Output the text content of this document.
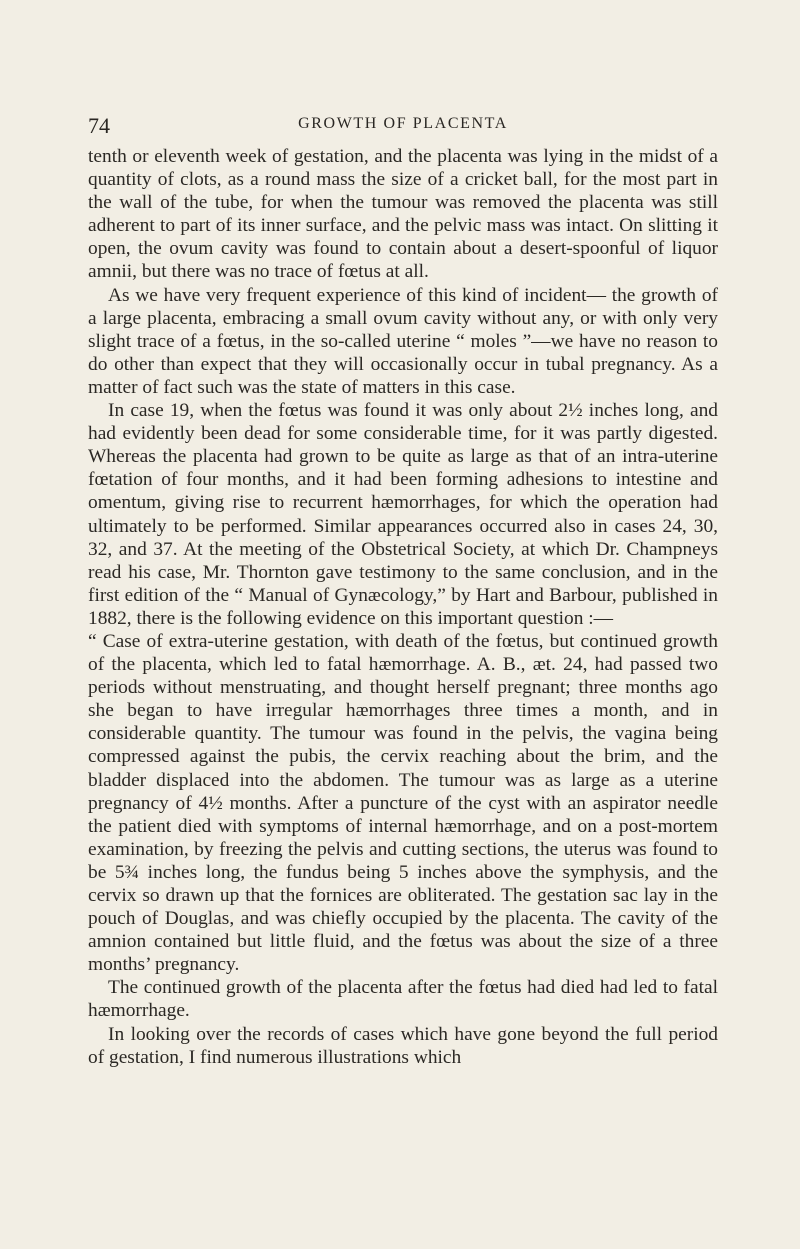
74	GROWTH OF PLACENTA

tenth or eleventh week of gestation, and the placenta was lying in the midst of a quantity of clots, as a round mass the size of a cricket ball, for the most part in the wall of the tube, for when the tumour was removed the placenta was still adherent to part of its inner surface, and the pelvic mass was intact. On slitting it open, the ovum cavity was found to contain about a desert-spoonful of liquor amnii, but there was no trace of fœtus at all.

As we have very frequent experience of this kind of incident— the growth of a large placenta, embracing a small ovum cavity without any, or with only very slight trace of a fœtus, in the so-called uterine “ moles ”—we have no reason to do other than expect that they will occasionally occur in tubal pregnancy. As a matter of fact such was the state of matters in this case.

In case 19, when the fœtus was found it was only about 2½ inches long, and had evidently been dead for some considerable time, for it was partly digested. Whereas the placenta had grown to be quite as large as that of an intra-uterine fœtation of four months, and it had been forming adhesions to intestine and omentum, giving rise to recurrent hæmorrhages, for which the operation had ultimately to be performed. Similar appearances occurred also in cases 24, 30, 32, and 37. At the meeting of the Obstetrical Society, at which Dr. Champneys read his case, Mr. Thornton gave testimony to the same conclusion, and in the first edition of the “ Manual of Gynæcology,” by Hart and Barbour, published in 1882, there is the following evidence on this important question :—

“ Case of extra-uterine gestation, with death of the fœtus, but continued growth of the placenta, which led to fatal hæmorrhage. A. B., æt. 24, had passed two periods without menstruating, and thought herself pregnant; three months ago she began to have irregular hæmorrhages three times a month, and in considerable quantity. The tumour was found in the pelvis, the vagina being compressed against the pubis, the cervix reaching about the brim, and the bladder displaced into the abdomen. The tumour was as large as a uterine pregnancy of 4½ months. After a puncture of the cyst with an aspirator needle the patient died with symptoms of internal hæmorrhage, and on a post-mortem examination, by freezing the pelvis and cutting sections, the uterus was found to be 5¾ inches long, the fundus being 5 inches above the symphysis, and the cervix so drawn up that the fornices are obliterated. The gestation sac lay in the pouch of Douglas, and was chiefly occupied by the placenta. The cavity of the amnion contained but little fluid, and the fœtus was about the size of a three months’ pregnancy.

The continued growth of the placenta after the fœtus had died had led to fatal hæmorrhage.

In looking over the records of cases which have gone beyond the full period of gestation, I find numerous illustrations which
